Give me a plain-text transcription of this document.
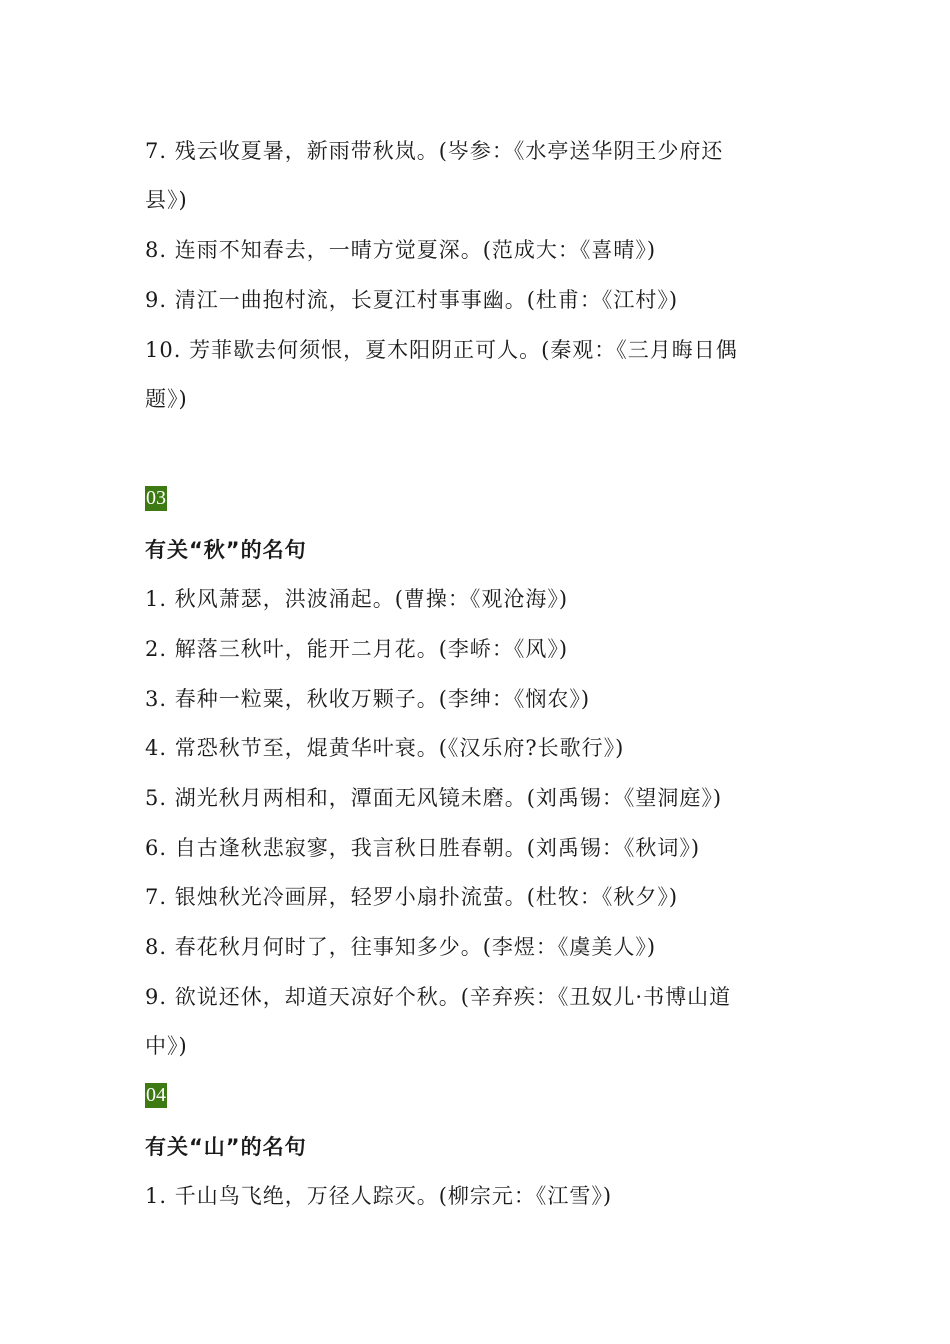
7. 残云收夏暑，新雨带秋岚。(岑参：《水亭送华阴王少府还
县》)
8. 连雨不知春去，一晴方觉夏深。(范成大：《喜晴》)
9. 清江一曲抱村流，长夏江村事事幽。(杜甫：《江村》)
10. 芳菲歇去何须恨，夏木阳阴正可人。(秦观：《三月晦日偶
题》)
03
有关“秋”的名句
1. 秋风萧瑟，洪波涌起。(曹操：《观沧海》)
2. 解落三秋叶，能开二月花。(李峤：《风》)
3. 春种一粒粟，秋收万颗子。(李绅：《悯农》)
4. 常恐秋节至，焜黄华叶衰。(《汉乐府?长歌行》)
5. 湖光秋月两相和，潭面无风镜未磨。(刘禹锡：《望洞庭》)
6. 自古逢秋悲寂寥，我言秋日胜春朝。(刘禹锡：《秋词》)
7. 银烛秋光冷画屏，轻罗小扇扑流萤。(杜牧：《秋夕》)
8. 春花秋月何时了，往事知多少。(李煜：《虞美人》)
9. 欲说还休，却道天凉好个秋。(辛弃疾：《丑奴儿·书博山道
中》)
04
有关“山”的名句
1. 千山鸟飞绝，万径人踪灭。(柳宗元：《江雪》)
